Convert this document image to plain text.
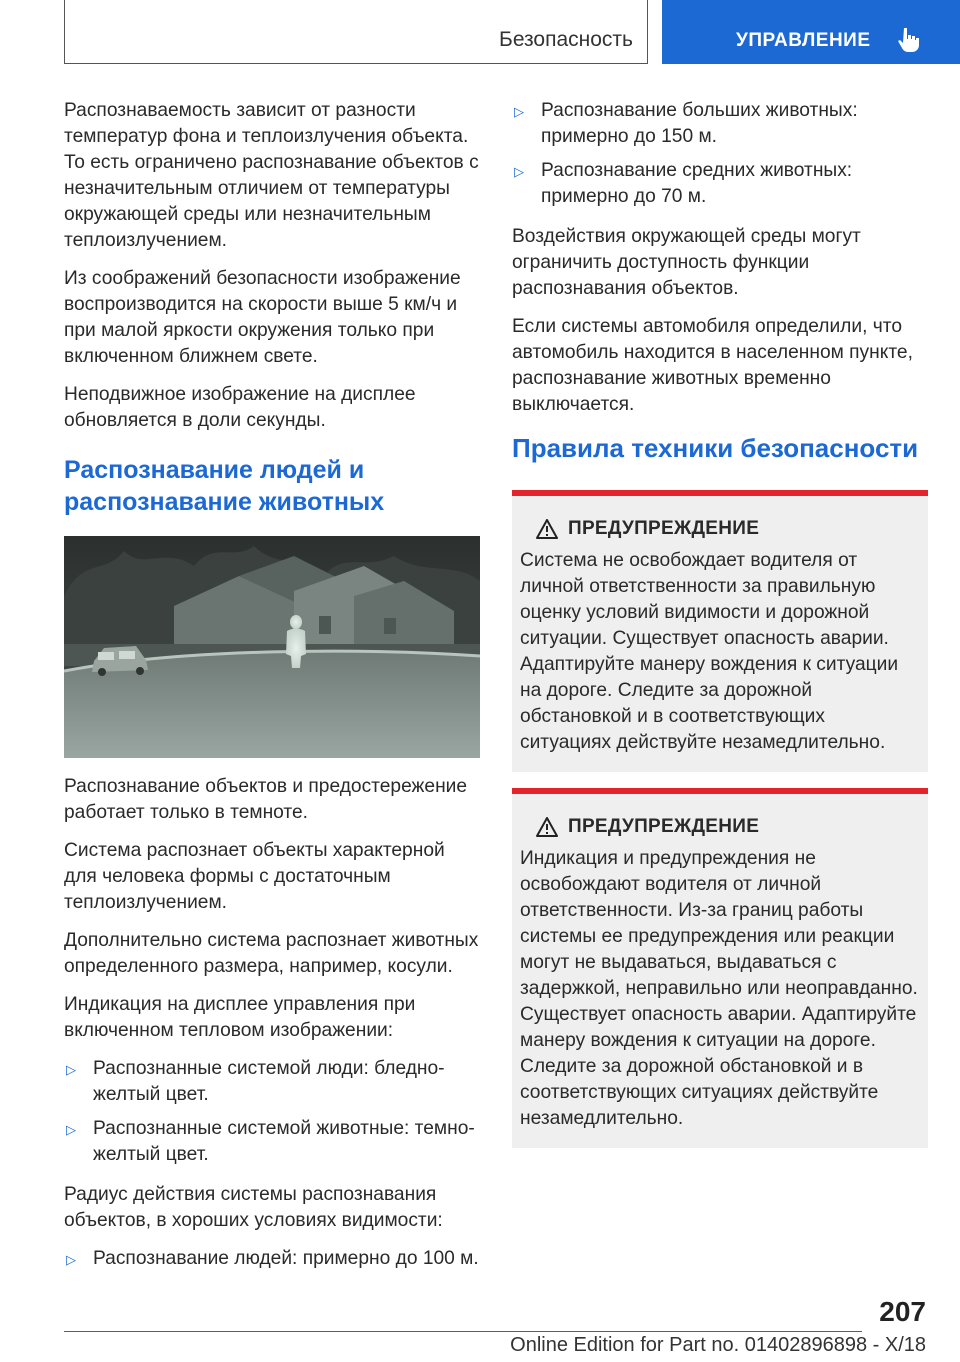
Безопасность	УПРАВЛЕНИЕ

Распознаваемость зависит от разности температур фона и теплоизлучения объекта. То есть ограничено распознавание объектов с незначительным отличием от температуры окружающей среды или незначительным теплоизлучением.

Из соображений безопасности изображение воспроизводится на скорости выше 5 км/ч и при малой яркости окружения только при включенном ближнем свете.

Неподвижное изображение на дисплее обновляется в доли секунды.

Распознавание людей и распознавание животных

Распознавание объектов и предостережение работает только в темноте.

Система распознает объекты характерной для человека формы с достаточным теплоизлучением.

Дополнительно система распознает животных определенного размера, например, косули.

Индикация на дисплее управления при включенном тепловом изображении:

▷ Распознанные системой люди: бледно-желтый цвет.
▷ Распознанные системой животные: темно-желтый цвет.

Радиус действия системы распознавания объектов, в хороших условиях видимости:

▷ Распознавание людей: примерно до 100 м.
▷ Распознавание больших животных: примерно до 150 м.
▷ Распознавание средних животных: примерно до 70 м.

Воздействия окружающей среды могут ограничить доступность функции распознавания объектов.

Если системы автомобиля определили, что автомобиль находится в населенном пункте, распознавание животных временно выключается.

Правила техники безопасности
ПРЕДУПРЕЖДЕНИЕ
Система не освобождает водителя от личной ответственности за правильную оценку условий видимости и дорожной ситуации. Существует опасность аварии. Адаптируйте манеру вождения к ситуации на дороге. Следите за дорожной обстановкой и в соответствующих ситуациях действуйте незамедлительно.
ПРЕДУПРЕЖДЕНИЕ
Индикация и предупреждения не освобождают водителя от личной ответственности. Из-за границ работы системы ее предупреждения или реакции могут не выдаваться, выдаваться с задержкой, неправильно или неоправданно. Существует опасность аварии. Адаптируйте манеру вождения к ситуации на дороге. Следите за дорожной обстановкой и в соответствующих ситуациях действуйте незамедлительно.
207
Online Edition for Part no. 01402896898 - X/18
